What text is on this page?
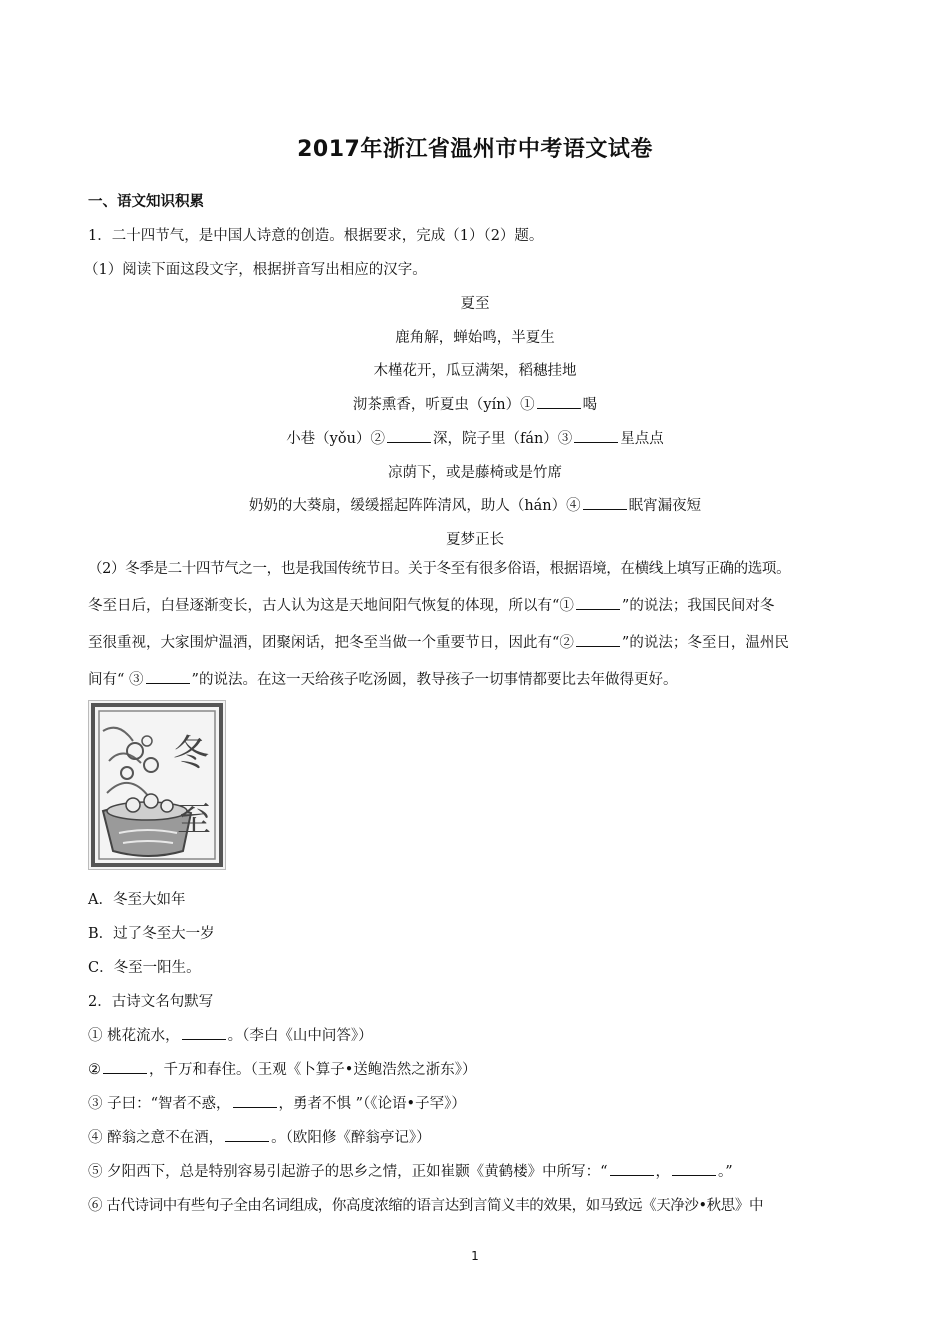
2017年浙江省温州市中考语文试卷
一、语文知识积累
1．二十四节气，是中国人诗意的创造。根据要求，完成（1）（2）题。
（1）阅读下面这段文字，根据拼音写出相应的汉字。
夏至
鹿角解，蝉始鸣，半夏生
木槿花开，瓜豆满架，稻穗挂地
沏茶熏香，听夏虫（yín）①	喝
小巷（yǒu）②	深，院子里（fán）③	星点点
凉荫下，或是藤椅或是竹席
奶奶的大葵扇，缓缓摇起阵阵清风，助人（hán）④	眠宵漏夜短
夏梦正长
（2）冬季是二十四节气之一，也是我国传统节日。关于冬至有很多俗语，根据语境，在横线上填写正确的选项。
冬至日后，白昼逐渐变长，古人认为这是天地间阳气恢复的体现，所以有“①	”的说法；我国民间对冬
至很重视，大家围炉温酒，团聚闲话，把冬至当做一个重要节日，因此有“②	”的说法；冬至日，温州民
间有“ ③	”的说法。在这一天给孩子吃汤圆，教导孩子一切事情都要比去年做得更好。
冬
至
A．冬至大如年
B．过了冬至大一岁
C．冬至一阳生。
2．古诗文名句默写
① 桃花流水，	。（李白《山中问答》）
②	，千万和春住。（王观《卜算子•送鲍浩然之浙东》）
③ 子曰：“智者不惑，	，勇者不惧 ”（《论语•子罕》）
④ 醉翁之意不在酒，	。（欧阳修《醉翁亭记》）
⑤ 夕阳西下，总是特别容易引起游子的思乡之情，正如崔颢《黄鹤楼》中所写：“	，	。”
⑥ 古代诗词中有些句子全由名词组成，你高度浓缩的语言达到言简义丰的效果，如马致远《天净沙•秋思》中
1
